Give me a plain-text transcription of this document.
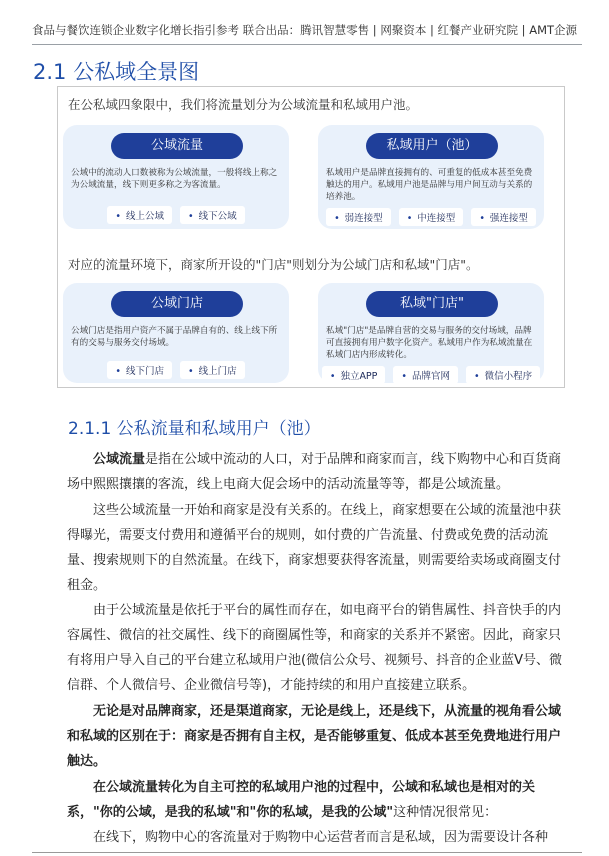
食品与餐饮连锁企业数字化增长指引参考 联合出品：腾讯智慧零售 | 网聚资本 | 红餐产业研究院 | AMT企源
2.1 公私域全景图
在公私域四象限中，我们将流量划分为公域流量和私域用户池。
公域流量
公域中的流动人口数被称为公域流量，一般将线上称之为公域流量，线下则更多称之为客流量。
• 线上公域	• 线下公域
私域用户（池）
私域用户是品牌直接拥有的、可重复的低成本甚至免费触达的用户。私域用户池是品牌与用户间互动与关系的培养池。
• 弱连接型	• 中连接型	• 强连接型
对应的流量环境下，商家所开设的"门店"则划分为公域门店和私域"门店"。
公域门店
公域门店是指用户资产不属于品牌自有的、线上线下所有的交易与服务交付场域。
• 线下门店	• 线上门店
私域"门店"
私域"门店"是品牌自营的交易与服务的交付场域，品牌可直接拥有用户数字化资产。私域用户作为私域流量在私域门店内形成转化。
• 独立APP	• 品牌官网	• 微信小程序
2.1.1 公私流量和私域用户（池）
公域流量是指在公域中流动的人口，对于品牌和商家而言，线下购物中心和百货商场中熙熙攘攘的客流，线上电商大促会场中的活动流量等等，都是公域流量。
这些公域流量一开始和商家是没有关系的。在线上，商家想要在公域的流量池中获得曝光，需要支付费用和遵循平台的规则，如付费的广告流量、付费或免费的活动流量、搜索规则下的自然流量。在线下，商家想要获得客流量，则需要给卖场或商圈支付租金。
由于公域流量是依托于平台的属性而存在，如电商平台的销售属性、抖音快手的内容属性、微信的社交属性、线下的商圈属性等，和商家的关系并不紧密。因此，商家只有将用户导入自己的平台建立私域用户池(微信公众号、视频号、抖音的企业蓝V号、微信群、个人微信号、企业微信号等)，才能持续的和用户直接建立联系。
无论是对品牌商家，还是渠道商家，无论是线上，还是线下，从流量的视角看公域和私域的区别在于：商家是否拥有自主权，是否能够重复、低成本甚至免费地进行用户触达。
在公域流量转化为自主可控的私域用户池的过程中，公域和私域也是相对的关系，"你的公域，是我的私域"和"你的私域，是我的公域"这种情况很常见：
在线下，购物中心的客流量对于购物中心运营者而言是私域，因为需要设计各种
